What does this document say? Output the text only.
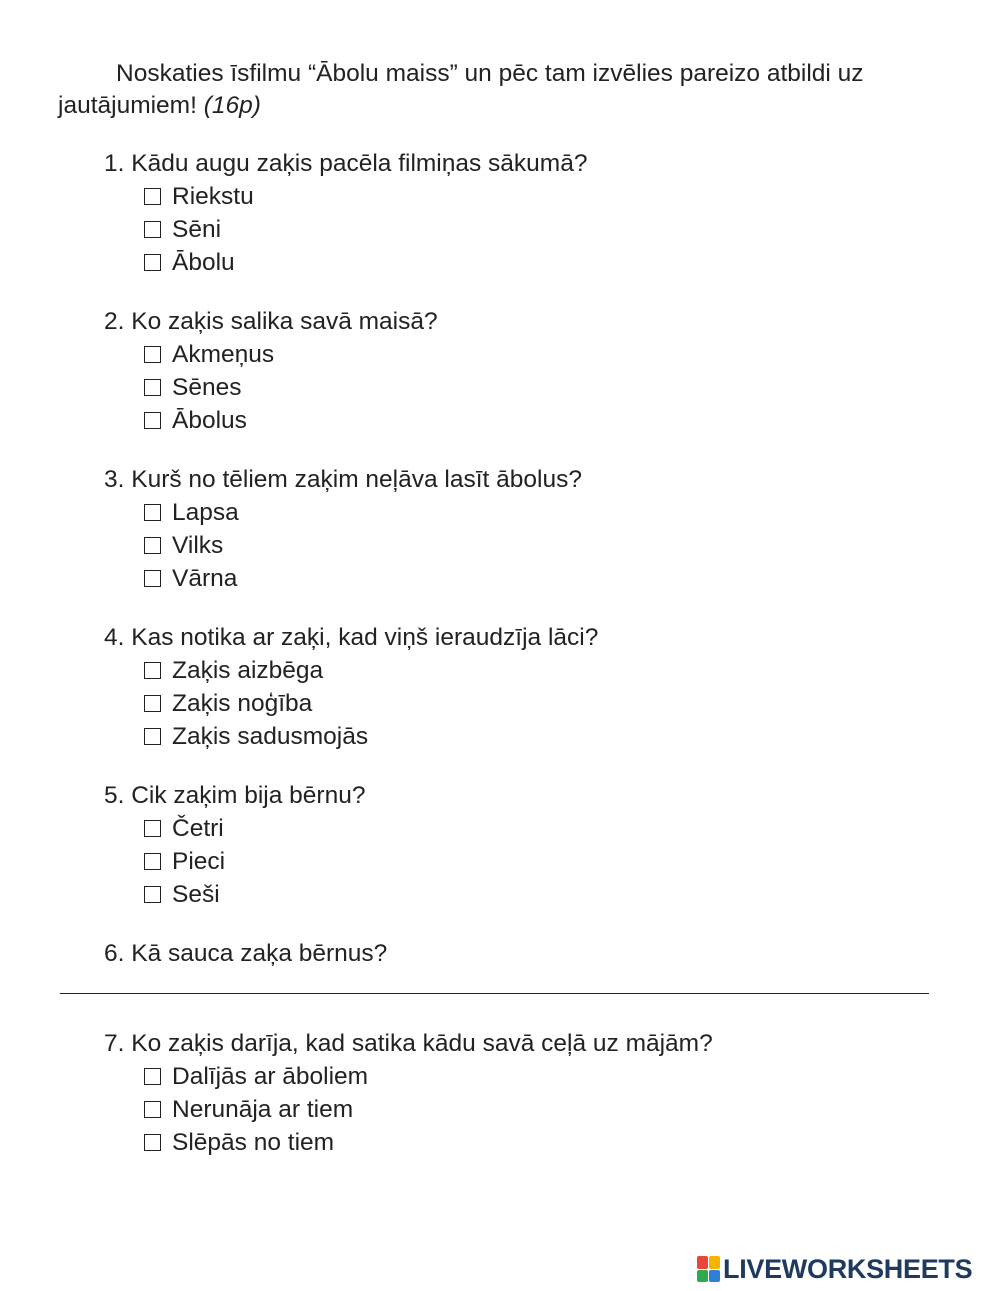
Noskaties īsfilmu “Ābolu maiss” un pēc tam izvēlies pareizo atbildi uz jautājumiem! (16p)
1. Kādu augu zaķis pacēla filmiņas sākumā?
Riekstu
Sēni
Ābolu
2. Ko zaķis salika savā maisā?
Akmeņus
Sēnes
Ābolus
3. Kurš no tēliem zaķim neļāva lasīt ābolus?
Lapsa
Vilks
Vārna
4. Kas notika ar zaķi, kad viņš ieraudzīja lāci?
Zaķis aizbēga
Zaķis noģība
Zaķis sadusmojās
5. Cik zaķim bija bērnu?
Četri
Pieci
Seši
6. Kā sauca zaķa bērnus?
7. Ko zaķis darīja, kad satika kādu savā ceļā uz mājām?
Dalījās ar āboliem
Nerunāja ar tiem
Slēpās no tiem
LIVEWORKSHEETS
